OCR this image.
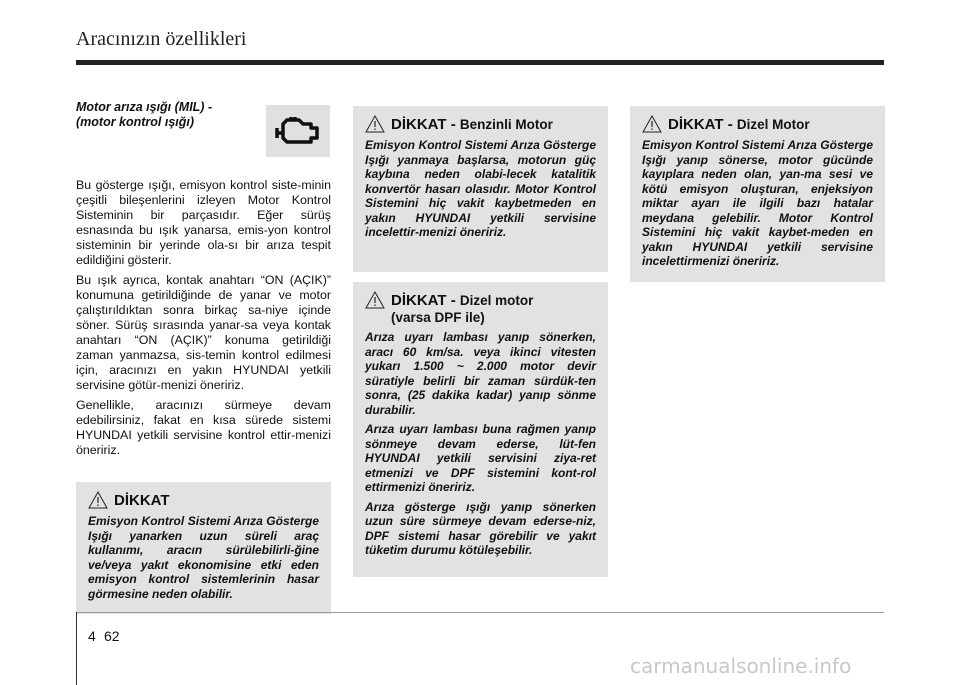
Aracınızın özellikleri
Motor arıza ışığı (MIL) -
(motor kontrol ışığı)

Bu gösterge ışığı, emisyon kontrol siste-minin çeşitli bileşenlerini izleyen Motor Kontrol Sisteminin bir parçasıdır. Eğer sürüş esnasında bu ışık yanarsa, emis-yon kontrol sisteminin bir yerinde ola-sı bir arıza tespit edildiğini gösterir.

Bu ışık ayrıca, kontak anahtarı “ON (AÇIK)” konumuna getirildiğinde de yanar ve motor çalıştırıldıktan sonra birkaç sa-niye içinde söner. Sürüş sırasında yanar-sa veya kontak anahtarı “ON (AÇIK)” konuma getirildiği zaman yanmazsa, sis-temin kontrol edilmesi için, aracınızı en yakın HYUNDAI yetkili servisine götür-menizi öneririz.

Genellikle, aracınızı sürmeye devam edebilirsiniz, fakat en kısa sürede sistemi HYUNDAI yetkili servisine kontrol ettir-menizi öneririz.

DİKKAT

Emisyon Kontrol Sistemi Arıza Gösterge Işığı yanarken uzun süreli araç kullanımı, aracın sürülebilirli-ğine ve/veya yakıt ekonomisine etki eden emisyon kontrol sistemlerinin hasar görmesine neden olabilir.

DİKKAT - Benzinli Motor

Emisyon Kontrol Sistemi Arıza Gösterge Işığı yanmaya başlarsa, motorun güç kaybına neden olabi-lecek katalitik konvertör hasarı olasıdır. Motor Kontrol Sistemini hiç vakit kaybetmeden en yakın HYUNDAI yetkili servisine incelettir-menizi öneririz.

DİKKAT - Dizel motor
(varsa DPF ile)

Arıza uyarı lambası yanıp sönerken, aracı 60 km/sa. veya ikinci vitesten yukarı 1.500 ~ 2.000 motor devir süratiyle belirli bir zaman sürdük-ten sonra, (25 dakika kadar) yanıp sönme durabilir.

Arıza uyarı lambası buna rağmen yanıp sönmeye devam ederse, lüt-fen HYUNDAI yetkili servisini ziya-ret etmenizi ve DPF sistemini kont-rol ettirmenizi öneririz.

Arıza gösterge ışığı yanıp sönerken uzun süre sürmeye devam ederse-niz, DPF sistemi hasar görebilir ve yakıt tüketim durumu kötüleşebilir.

DİKKAT - Dizel Motor

Emisyon Kontrol Sistemi Arıza Gösterge Işığı yanıp sönerse, motor gücünde kayıplara neden olan, yan-ma sesi ve kötü emisyon oluşturan, enjeksiyon miktar ayarı ile ilgili bazı hatalar meydana gelebilir. Motor Kontrol Sistemini hiç vakit kaybet-meden en yakın HYUNDAI yetkili servisine incelettirmenizi öneririz.

4 62
carmanualsonline.info
